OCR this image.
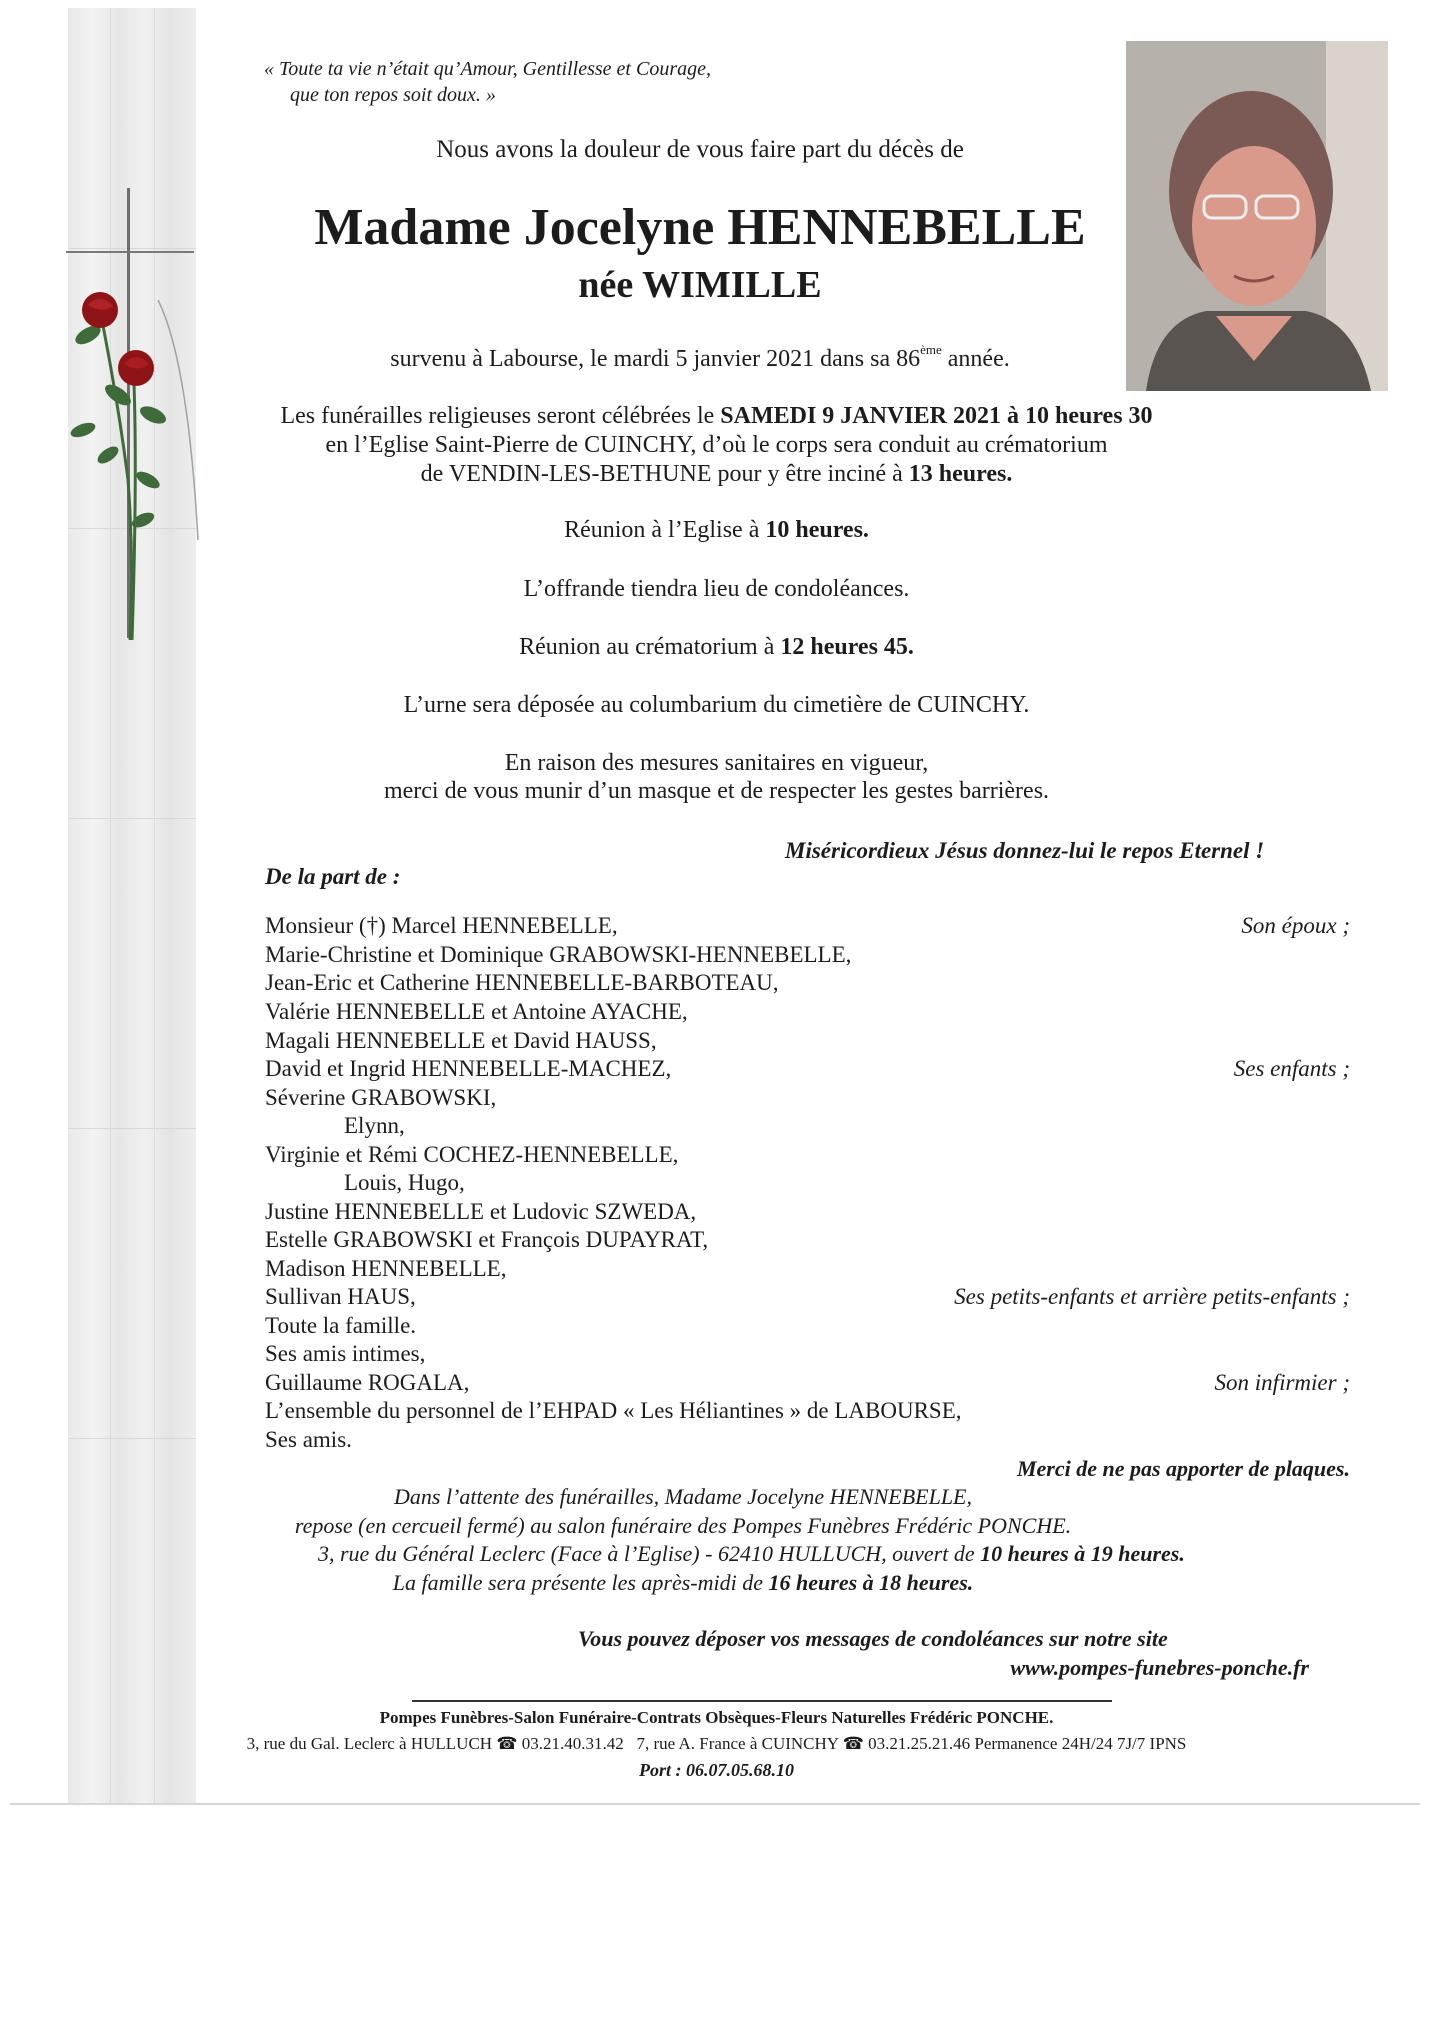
« Toute ta vie n’était qu’Amour, Gentillesse et Courage,
que ton repos soit doux. »

Nous avons la douleur de vous faire part du décès de

Madame Jocelyne HENNEBELLE

née WIMILLE

survenu à Labourse, le mardi 5 janvier 2021 dans sa 86ème année.

Les funérailles religieuses seront célébrées le SAMEDI 9 JANVIER 2021 à 10 heures 30

en l’Eglise Saint-Pierre de CUINCHY, d’où le corps sera conduit au crématorium

de VENDIN-LES-BETHUNE pour y être inciné à 13 heures.

Réunion à l’Eglise à 10 heures.

L’offrande tiendra lieu de condoléances.

Réunion au crématorium à 12 heures 45.

L’urne sera déposée au columbarium du cimetière de CUINCHY.

En raison des mesures sanitaires en vigueur,

merci de vous munir d’un masque et de respecter les gestes barrières.

Miséricordieux Jésus donnez-lui le repos Eternel !

De la part de :

Monsieur (†) Marcel HENNEBELLE,

Marie-Christine et Dominique GRABOWSKI-HENNEBELLE,

Jean-Eric et Catherine HENNEBELLE-BARBOTEAU,

Valérie HENNEBELLE et Antoine AYACHE,

Magali HENNEBELLE et David HAUSS,

David et Ingrid HENNEBELLE-MACHEZ,

Séverine GRABOWSKI,

Elynn,

Virginie et Rémi COCHEZ-HENNEBELLE,

Louis, Hugo,

Justine HENNEBELLE et Ludovic SZWEDA,

Estelle GRABOWSKI et François DUPAYRAT,

Madison HENNEBELLE,

Sullivan HAUS,

Toute la famille.

Ses amis intimes,

Guillaume ROGALA,

L’ensemble du personnel de l’EHPAD « Les Héliantines » de LABOURSE,

Ses amis.

Son époux ;

Ses enfants ;

Ses petits-enfants et arrière petits-enfants ;

Son infirmier ;

Merci de ne pas apporter de plaques.

Dans l’attente des funérailles, Madame Jocelyne HENNEBELLE,

repose (en cercueil fermé) au salon funéraire des Pompes Funèbres Frédéric PONCHE.

3, rue du Général Leclerc (Face à l’Eglise) - 62410 HULLUCH, ouvert de 10 heures à 19 heures.

La famille sera présente les après-midi de 16 heures à 18 heures.

Vous pouvez déposer vos messages de condoléances sur notre site

www.pompes-funebres-ponche.fr

Pompes Funèbres-Salon Funéraire-Contrats Obsèques-Fleurs Naturelles Frédéric PONCHE.

3, rue du Gal. Leclerc à HULLUCH ☎ 03.21.40.31.42 7, rue A. France à CUINCHY ☎ 03.21.25.21.46 Permanence 24H/24 7J/7 IPNS

Port : 06.07.05.68.10
